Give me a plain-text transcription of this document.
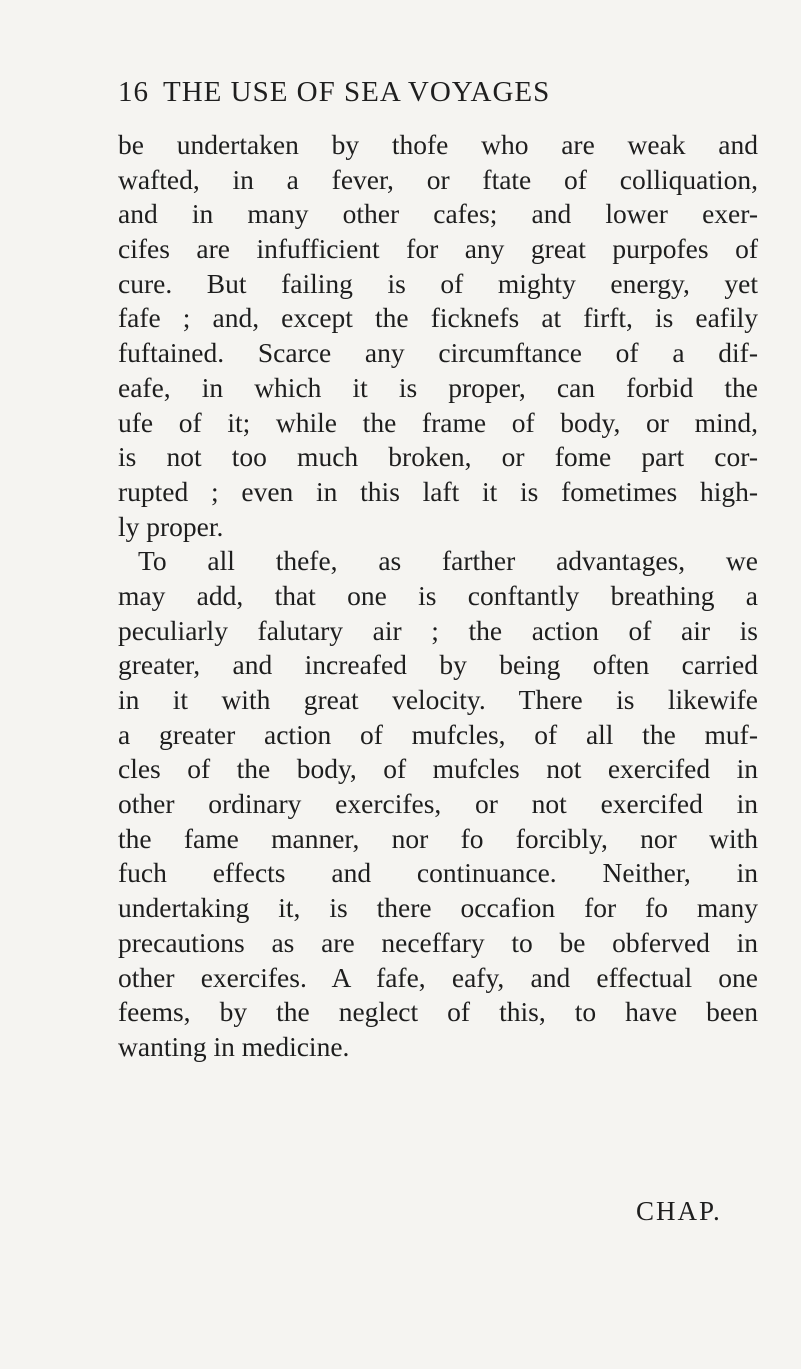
16 THE USE OF SEA VOYAGES
be undertaken by thofe who are weak and
wafted, in a fever, or ftate of colliquation,
and in many other cafes; and lower exer-
cifes are infufficient for any great purpofes of
cure. But failing is of mighty energy, yet
fafe ; and, except the ficknefs at firft, is eafily
fuftained. Scarce any circumftance of a dif-
eafe, in which it is proper, can forbid the
ufe of it; while the frame of body, or mind,
is not too much broken, or fome part cor-
rupted ; even in this laft it is fometimes high-
ly proper.
To all thefe, as farther advantages, we
may add, that one is conftantly breathing a
peculiarly falutary air ; the action of air is
greater, and increafed by being often carried
in it with great velocity. There is likewife
a greater action of mufcles, of all the muf-
cles of the body, of mufcles not exercifed in
other ordinary exercifes, or not exercifed in
the fame manner, nor fo forcibly, nor with
fuch effects and continuance. Neither, in
undertaking it, is there occafion for fo many
precautions as are neceffary to be obferved in
other exercifes. A fafe, eafy, and effectual one
feems, by the neglect of this, to have been
wanting in medicine.
CHAP.
